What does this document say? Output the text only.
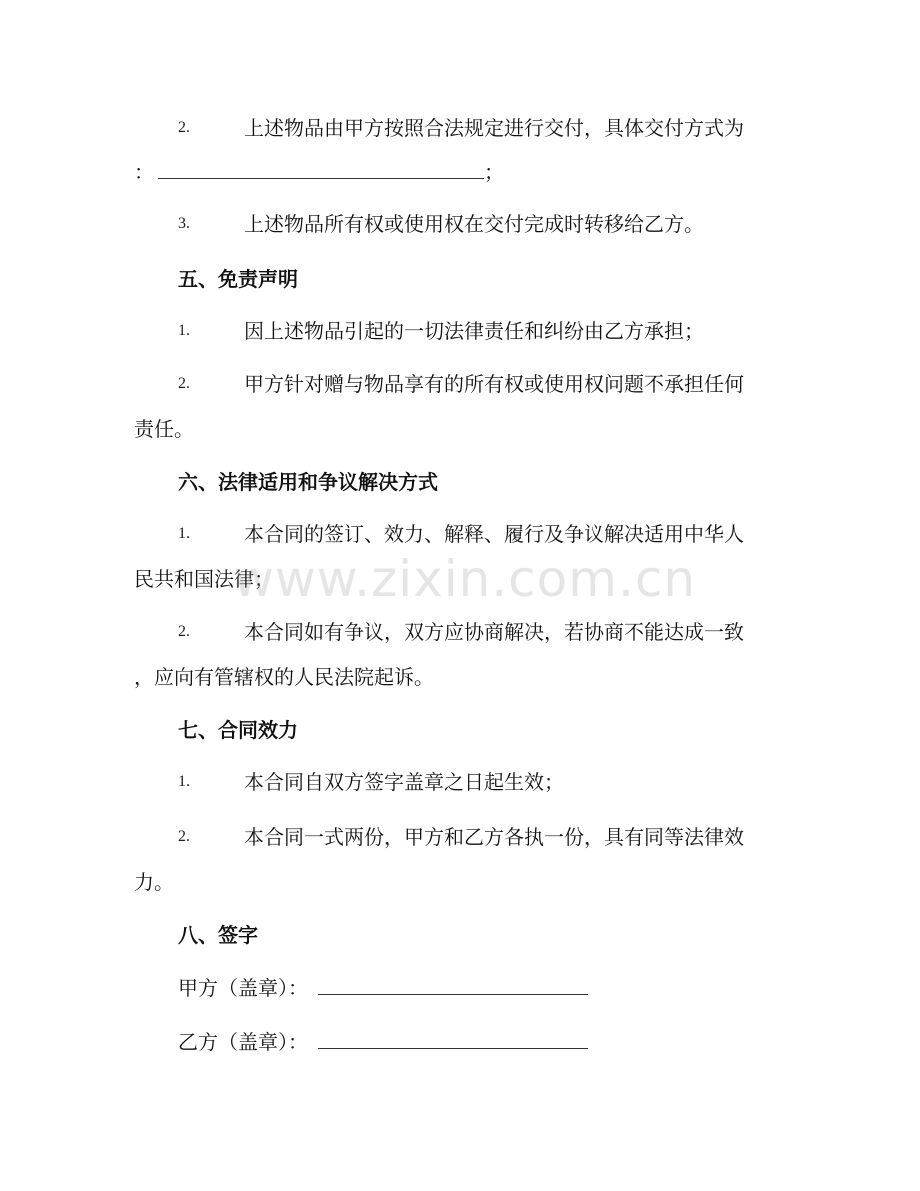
2.	上述物品由甲方按照合法规定进行交付，具体交付方式为
：	；
3.	上述物品所有权或使用权在交付完成时转移给乙方。
五、免责声明
1.	因上述物品引起的一切法律责任和纠纷由乙方承担；
2.	甲方针对赠与物品享有的所有权或使用权问题不承担任何
责任。
六、法律适用和争议解决方式
1.	本合同的签订、效力、解释、履行及争议解决适用中华人
民共和国法律；
2.	本合同如有争议，双方应协商解决，若协商不能达成一致
，应向有管辖权的人民法院起诉。
七、合同效力
1.	本合同自双方签字盖章之日起生效；
2.	本合同一式两份，甲方和乙方各执一份，具有同等法律效
力。
八、签字
甲方（盖章）：
乙方（盖章）：
www.zixin.com.cn
